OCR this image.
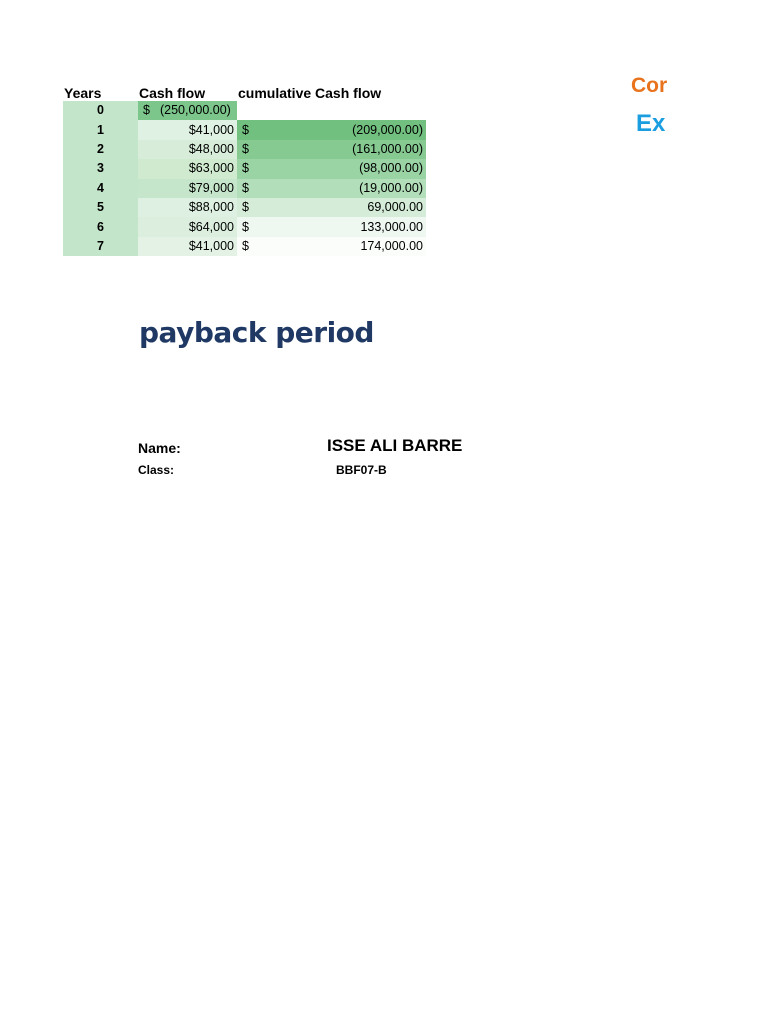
Years	Cash flow	cumulative Cash flow
0	$ (250,000.00)	

1	$41,000	$ (209,000.00)

2	$48,000	$ (161,000.00)

3	$63,000	$ (98,000.00)

4	$79,000	$ (19,000.00)

5	$88,000	$ 69,000.00

6	$64,000	$ 133,000.00

7	$41,000	$ 174,000.00
payback period
Name:	ISSE ALI BARRE
Class:	BBF07-B
Cor
Ex
